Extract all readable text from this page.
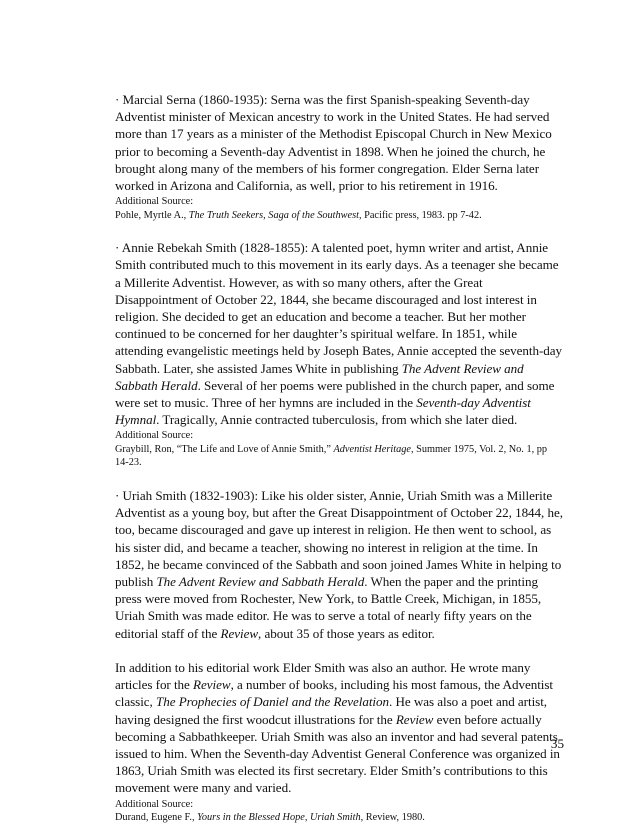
· Marcial Serna (1860-1935): Serna was the first Spanish-speaking Seventh-day Adventist minister of Mexican ancestry to work in the United States. He had served more than 17 years as a minister of the Methodist Episcopal Church in New Mexico prior to becoming a Seventh-day Adventist in 1898. When he joined the church, he brought along many of the members of his former congregation. Elder Serna later worked in Arizona and California, as well, prior to his retirement in 1916.

Additional Source:

Pohle, Myrtle A., The Truth Seekers, Saga of the Southwest, Pacific press, 1983. pp 7-42.

· Annie Rebekah Smith (1828-1855): A talented poet, hymn writer and artist, Annie Smith contributed much to this movement in its early days. As a teenager she became a Millerite Adventist. However, as with so many others, after the Great Disappointment of October 22, 1844, she became discouraged and lost interest in religion. She decided to get an education and become a teacher. But her mother continued to be concerned for her daughter’s spiritual welfare. In 1851, while attending evangelistic meetings held by Joseph Bates, Annie accepted the seventh-day Sabbath. Later, she assisted James White in publishing The Advent Review and Sabbath Herald. Several of her poems were published in the church paper, and some were set to music. Three of her hymns are included in the Seventh-day Adventist Hymnal. Tragically, Annie contracted tuberculosis, from which she later died.

Additional Source:

Graybill, Ron, “The Life and Love of Annie Smith,” Adventist Heritage, Summer 1975, Vol. 2, No. 1, pp 14-23.

· Uriah Smith (1832-1903): Like his older sister, Annie, Uriah Smith was a Millerite Adventist as a young boy, but after the Great Disappointment of October 22, 1844, he, too, became discouraged and gave up interest in religion. He then went to school, as his sister did, and became a teacher, showing no interest in religion at the time. In 1852, he became convinced of the Sabbath and soon joined James White in helping to publish The Advent Review and Sabbath Herald. When the paper and the printing press were moved from Rochester, New York, to Battle Creek, Michigan, in 1855, Uriah Smith was made editor. He was to serve a total of nearly fifty years on the editorial staff of the Review, about 35 of those years as editor.

In addition to his editorial work Elder Smith was also an author. He wrote many articles for the Review, a number of books, including his most famous, the Adventist classic, The Prophecies of Daniel and the Revelation. He was also a poet and artist, having designed the first woodcut illustrations for the Review even before actually becoming a Sabbathkeeper. Uriah Smith was also an inventor and had several patents issued to him. When the Seventh-day Adventist General Conference was organized in 1863, Uriah Smith was elected its first secretary. Elder Smith’s contributions to this movement were many and varied.

Additional Source:

Durand, Eugene F., Yours in the Blessed Hope, Uriah Smith, Review, 1980.

35
